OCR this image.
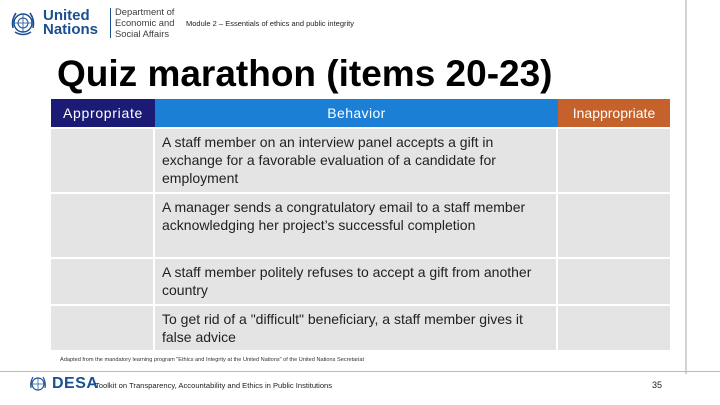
United
Nations
Department of
Economic and
Social Affairs
Module 2 – Essentials of ethics and public integrity
Quiz marathon (items 20-23)
Appropriate	Behavior	Inappropriate
A staff member on an interview panel accepts a gift in exchange for a favorable evaluation of a candidate for employment
A manager sends a congratulatory email to a staff member acknowledging her project’s successful completion
A staff member politely refuses to accept a gift from another country
To get rid of a "difficult" beneficiary, a staff member gives it false advice
Adapted from the mandatory learning program "Ethics and Integrity at the United Nations" of the United Nations Secretariat
DESA
Toolkit on Transparency, Accountability and Ethics in Public Institutions	35
